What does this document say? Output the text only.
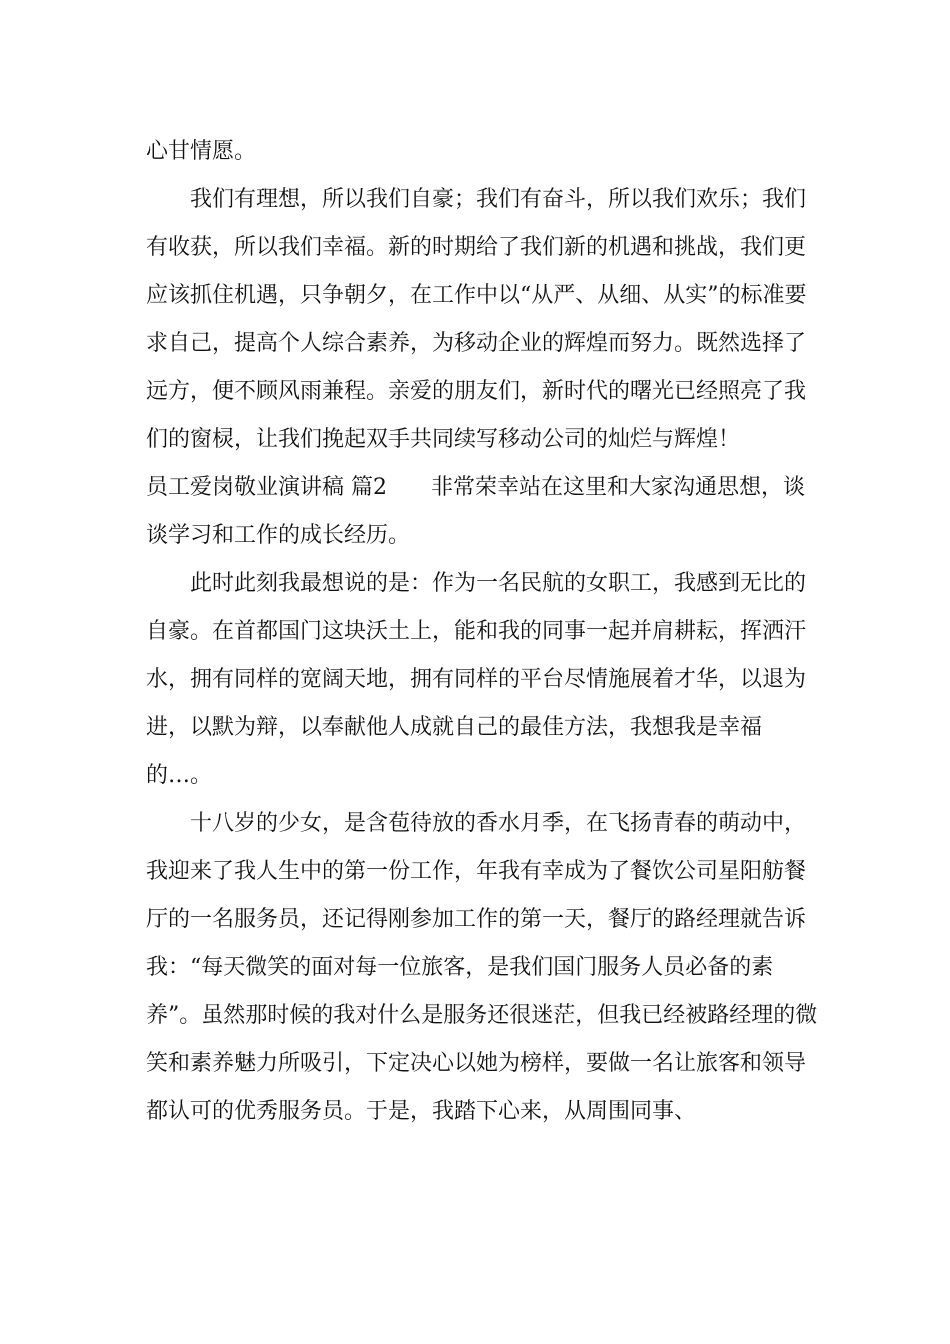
心甘情愿。

我们有理想，所以我们自豪；我们有奋斗，所以我们欢乐；我们有收获，所以我们幸福。新的时期给了我们新的机遇和挑战，我们更应该抓住机遇，只争朝夕，在工作中以“从严、从细、从实”的标准要求自己，提高个人综合素养，为移动企业的辉煌而努力。既然选择了远方，便不顾风雨兼程。亲爱的朋友们，新时代的曙光已经照亮了我们的窗棂，让我们挽起双手共同续写移动公司的灿烂与辉煌！

员工爱岗敬业演讲稿 篇2　　非常荣幸站在这里和大家沟通思想，谈谈学习和工作的成长经历。

此时此刻我最想说的是：作为一名民航的女职工，我感到无比的自豪。在首都国门这块沃土上，能和我的同事一起并肩耕耘，挥洒汗水，拥有同样的宽阔天地，拥有同样的平台尽情施展着才华，以退为进，以默为辩，以奉献他人成就自己的最佳方法，我想我是幸福的…。

十八岁的少女，是含苞待放的香水月季，在飞扬青春的萌动中，我迎来了我人生中的第一份工作，年我有幸成为了餐饮公司星阳舫餐厅的一名服务员，还记得刚参加工作的第一天，餐厅的路经理就告诉我：“每天微笑的面对每一位旅客，是我们国门服务人员必备的素养”。虽然那时候的我对什么是服务还很迷茫，但我已经被路经理的微笑和素养魅力所吸引，下定决心以她为榜样，要做一名让旅客和领导都认可的优秀服务员。于是，我踏下心来，从周围同事、
